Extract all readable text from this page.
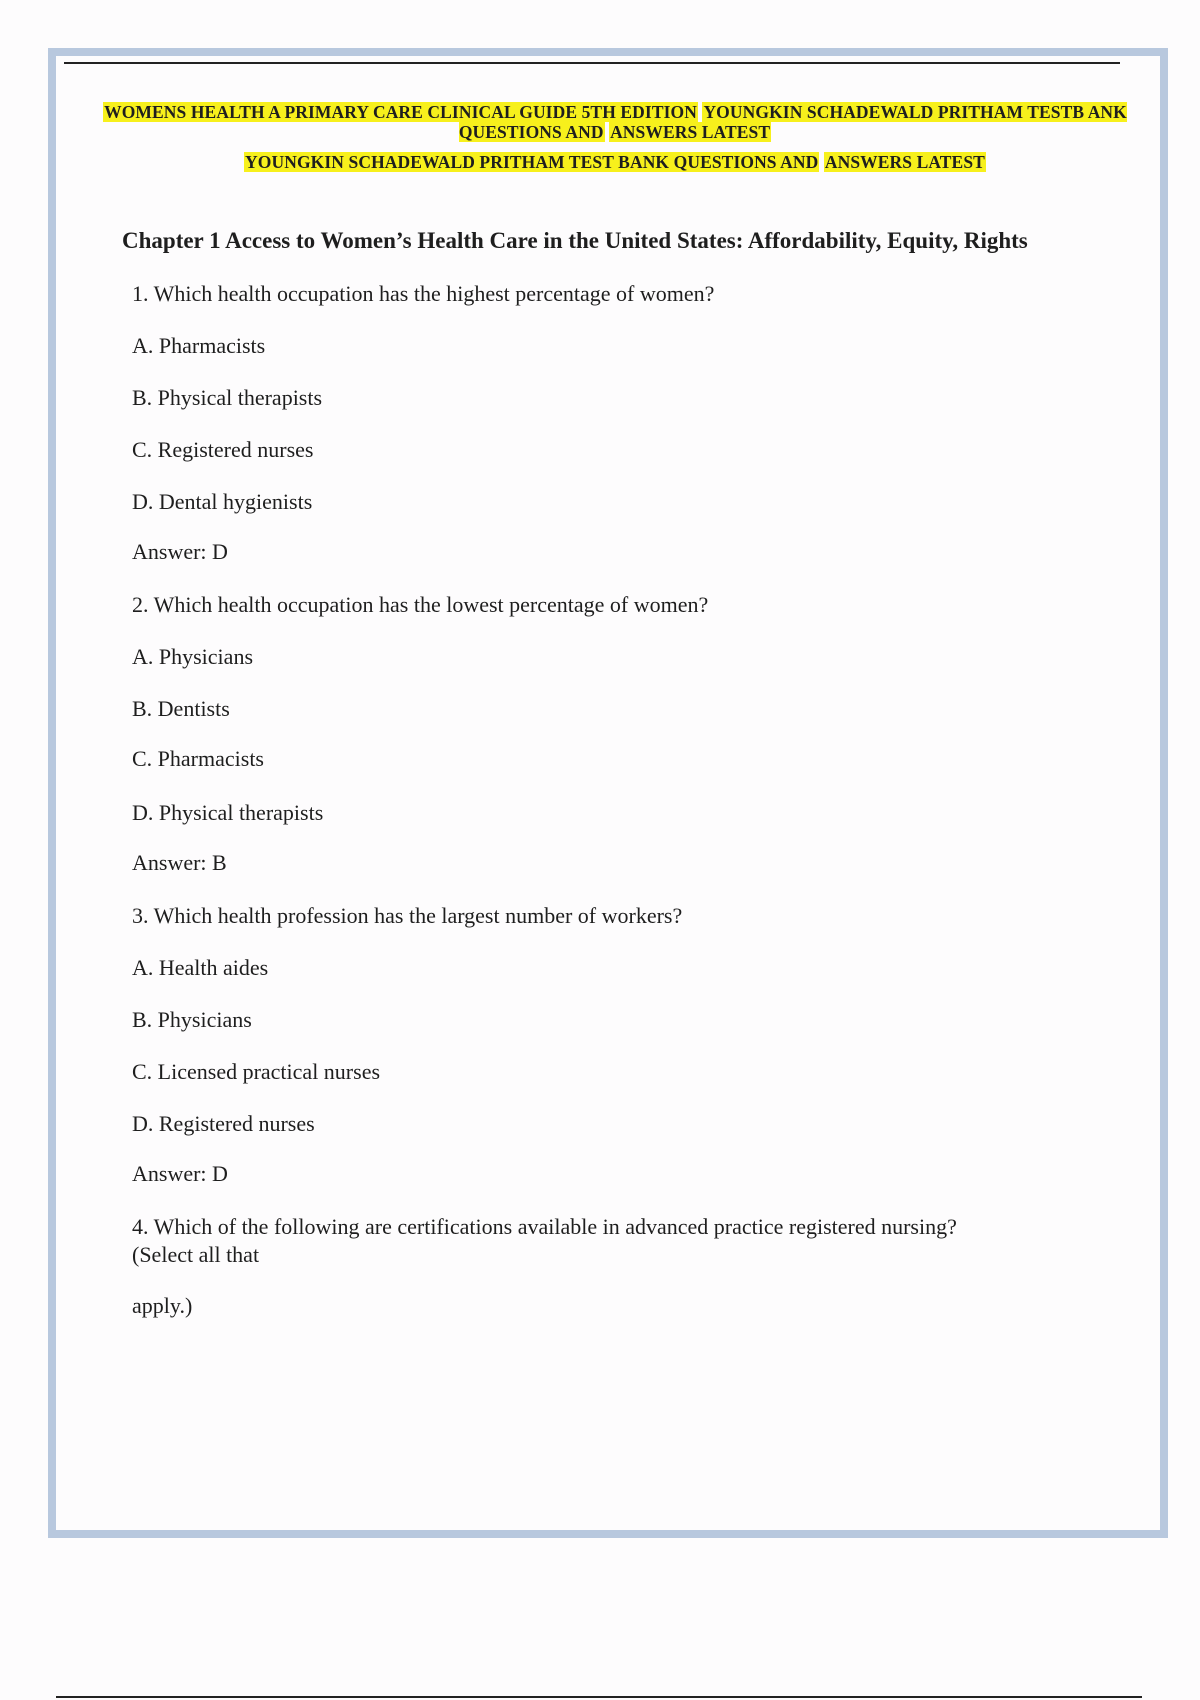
WOMENS HEALTH A PRIMARY CARE CLINICAL GUIDE 5TH EDITION YOUNGKIN SCHADEWALD PRITHAM TESTB ANK QUESTIONS AND ANSWERS LATEST
YOUNGKIN SCHADEWALD PRITHAM TEST BANK QUESTIONS AND ANSWERS LATEST
Chapter 1 Access to Women’s Health Care in the United States: Affordability, Equity, Rights
1. Which health occupation has the highest percentage of women?
A. Pharmacists
B. Physical therapists
C. Registered nurses
D. Dental hygienists
Answer: D
2. Which health occupation has the lowest percentage of women?
A. Physicians
B. Dentists
C. Pharmacists
D. Physical therapists
Answer: B
3. Which health profession has the largest number of workers?
A. Health aides
B. Physicians
C. Licensed practical nurses
D. Registered nurses
Answer: D
4. Which of the following are certifications available in advanced practice registered nursing?
(Select all that
apply.)
